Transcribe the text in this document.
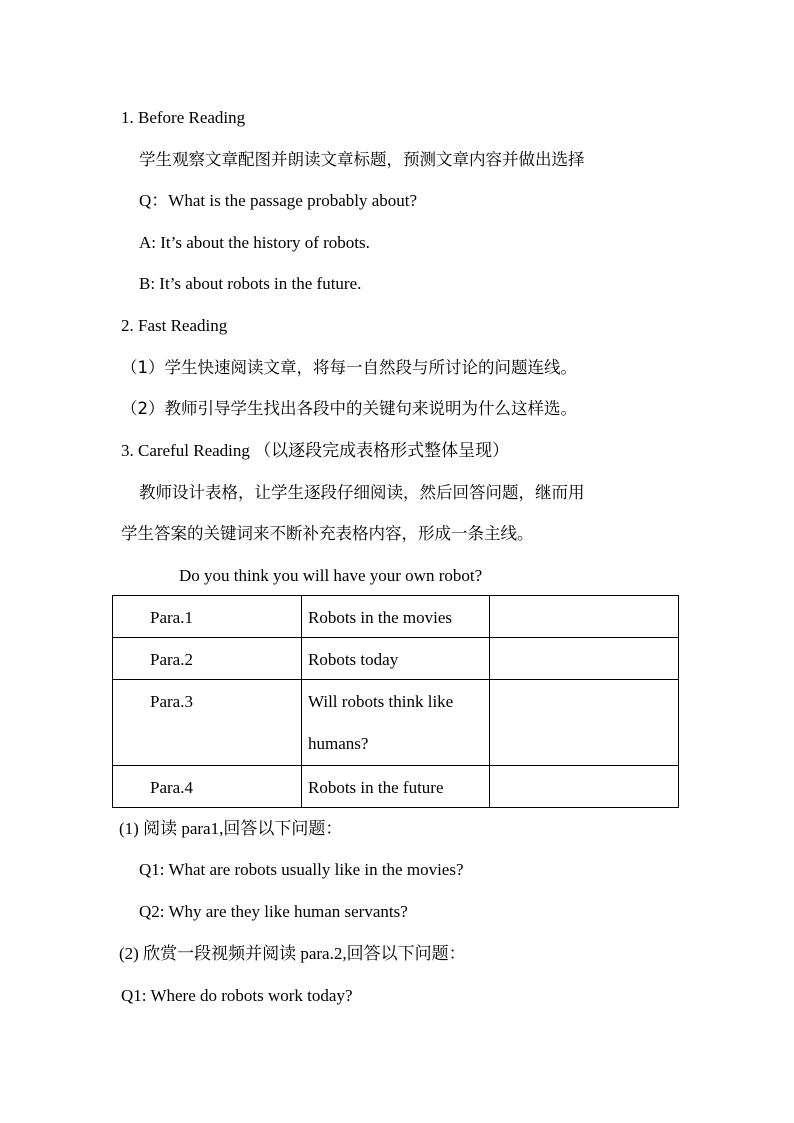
1. Before Reading
学生观察文章配图并朗读文章标题，预测文章内容并做出选择
Q：What is the passage probably about?
A: It’s about the history of robots.
B: It’s about robots in the future.
2. Fast Reading
（1）学生快速阅读文章，将每一自然段与所讨论的问题连线。
（2）教师引导学生找出各段中的关键句来说明为什么这样选。
3. Careful Reading （以逐段完成表格形式整体呈现）
教师设计表格，让学生逐段仔细阅读，然后回答问题，继而用
学生答案的关键词来不断补充表格内容，形成一条主线。
Do you think you will have your own robot?
Para.1	Robots in the movies	
Para.2	Robots today	
Para.3	Will robots think like humans?	

Para.4	Robots in the future	
(1) 阅读 para1,回答以下问题：
Q1: What are robots usually like in the movies?
Q2: Why are they like human servants?
(2) 欣赏一段视频并阅读 para.2,回答以下问题：
Q1: Where do robots work today?
